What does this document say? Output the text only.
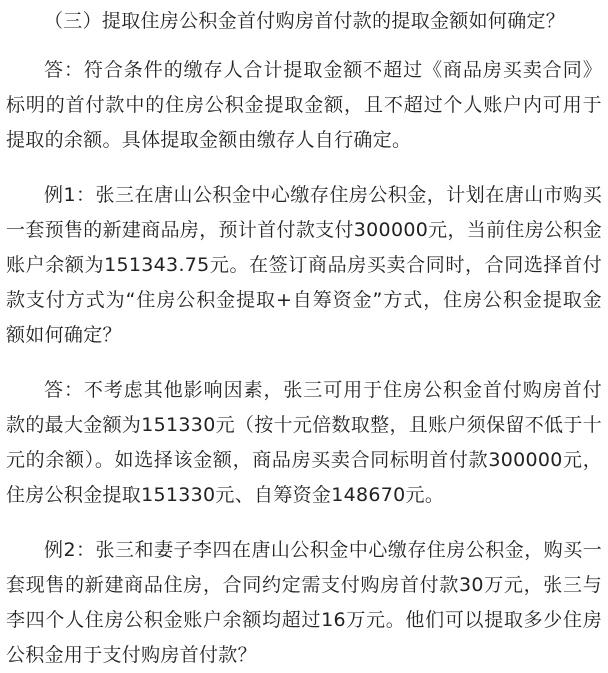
（三）提取住房公积金首付购房首付款的提取金额如何确定？

答：符合条件的缴存人合计提取金额不超过《商品房买卖合同》标明的首付款中的住房公积金提取金额，且不超过个人账户内可用于提取的余额。具体提取金额由缴存人自行确定。

例1：张三在唐山公积金中心缴存住房公积金，计划在唐山市购买一套预售的新建商品房，预计首付款支付300000元，当前住房公积金账户余额为151343.75元。在签订商品房买卖合同时，合同选择首付款支付方式为“住房公积金提取+自筹资金”方式，住房公积金提取金额如何确定？

答：不考虑其他影响因素，张三可用于住房公积金首付购房首付款的最大金额为151330元（按十元倍数取整，且账户须保留不低于十元的余额）。如选择该金额，商品房买卖合同标明首付款300000元，住房公积金提取151330元、自筹资金148670元。

例2：张三和妻子李四在唐山公积金中心缴存住房公积金，购买一套现售的新建商品住房，合同约定需支付购房首付款30万元，张三与李四个人住房公积金账户余额均超过16万元。他们可以提取多少住房公积金用于支付购房首付款？
